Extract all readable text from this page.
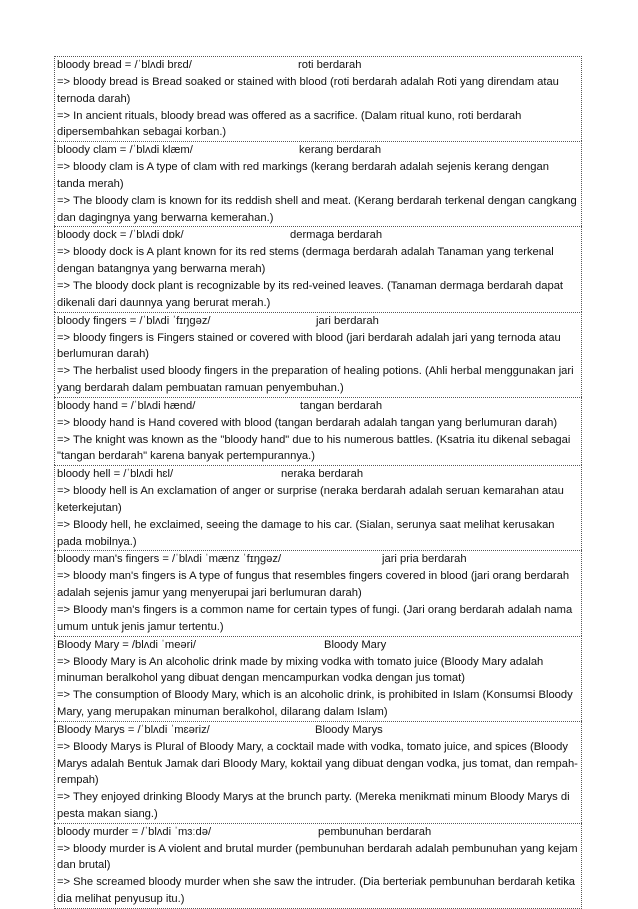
bloody bread = /ˈblʌdi brɛd/	roti berdarah
=> bloody bread is Bread soaked or stained with blood (roti berdarah adalah Roti yang direndam atau ternoda darah)
=> In ancient rituals, bloody bread was offered as a sacrifice. (Dalam ritual kuno, roti berdarah dipersembahkan sebagai korban.)
bloody clam = /ˈblʌdi klæm/	kerang berdarah
=> bloody clam is A type of clam with red markings (kerang berdarah adalah sejenis kerang dengan tanda merah)
=> The bloody clam is known for its reddish shell and meat. (Kerang berdarah terkenal dengan cangkang dan dagingnya yang berwarna kemerahan.)
bloody dock = /ˈblʌdi dɒk/	dermaga berdarah
=> bloody dock is A plant known for its red stems (dermaga berdarah adalah Tanaman yang terkenal dengan batangnya yang berwarna merah)
=> The bloody dock plant is recognizable by its red-veined leaves. (Tanaman dermaga berdarah dapat dikenali dari daunnya yang berurat merah.)
bloody fingers = /ˈblʌdi ˈfɪŋɡəz/	jari berdarah
=> bloody fingers is Fingers stained or covered with blood (jari berdarah adalah jari yang ternoda atau berlumuran darah)
=> The herbalist used bloody fingers in the preparation of healing potions. (Ahli herbal menggunakan jari yang berdarah dalam pembuatan ramuan penyembuhan.)
bloody hand = /ˈblʌdi hænd/	tangan berdarah
=> bloody hand is Hand covered with blood (tangan berdarah adalah tangan yang berlumuran darah)
=> The knight was known as the "bloody hand" due to his numerous battles. (Ksatria itu dikenal sebagai "tangan berdarah" karena banyak pertempurannya.)
bloody hell = /ˈblʌdi hɛl/	neraka berdarah
=> bloody hell is An exclamation of anger or surprise (neraka berdarah adalah seruan kemarahan atau keterkejutan)
=> Bloody hell, he exclaimed, seeing the damage to his car. (Sialan, serunya saat melihat kerusakan pada mobilnya.)
bloody man's fingers = /ˈblʌdi ˈmænz ˈfɪŋɡəz/	jari pria berdarah
=> bloody man's fingers is A type of fungus that resembles fingers covered in blood (jari orang berdarah adalah sejenis jamur yang menyerupai jari berlumuran darah)
=> Bloody man's fingers is a common name for certain types of fungi. (Jari orang berdarah adalah nama umum untuk jenis jamur tertentu.)
Bloody Mary = /blʌdi ˈmeəri/	Bloody Mary
=> Bloody Mary is An alcoholic drink made by mixing vodka with tomato juice (Bloody Mary adalah minuman beralkohol yang dibuat dengan mencampurkan vodka dengan jus tomat)
=> The consumption of Bloody Mary, which is an alcoholic drink, is prohibited in Islam (Konsumsi Bloody Mary, yang merupakan minuman beralkohol, dilarang dalam Islam)
Bloody Marys = /ˈblʌdi ˈmɛəriz/	Bloody Marys
=> Bloody Marys is Plural of Bloody Mary, a cocktail made with vodka, tomato juice, and spices (Bloody Marys adalah Bentuk Jamak dari Bloody Mary, koktail yang dibuat dengan vodka, jus tomat, dan rempah-rempah)
=> They enjoyed drinking Bloody Marys at the brunch party. (Mereka menikmati minum Bloody Marys di pesta makan siang.)
bloody murder = /ˈblʌdi ˈmɜːdə/	pembunuhan berdarah
=> bloody murder is A violent and brutal murder (pembunuhan berdarah adalah pembunuhan yang kejam dan brutal)
=> She screamed bloody murder when she saw the intruder. (Dia berteriak pembunuhan berdarah ketika dia melihat penyusup itu.)
